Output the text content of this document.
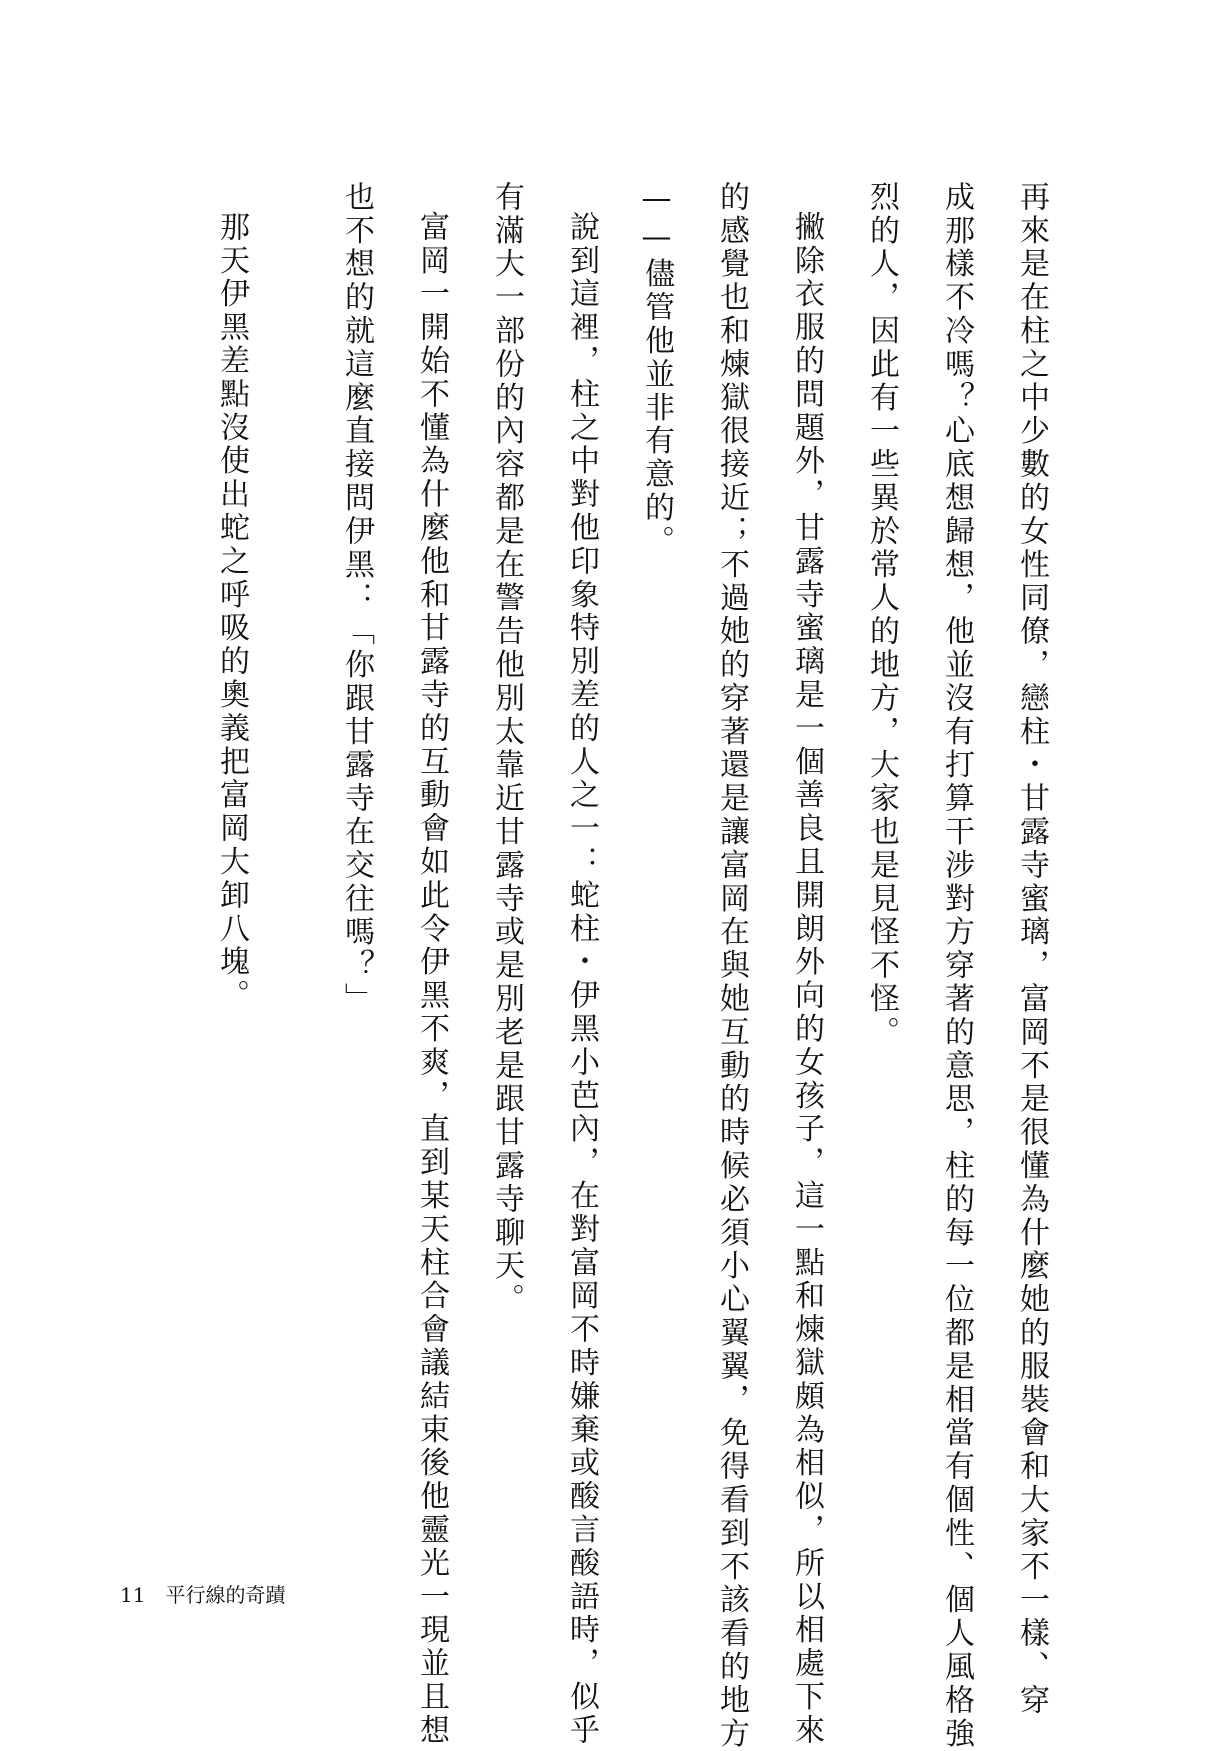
再來是在柱之中少數的女性同僚，戀柱・甘露寺蜜璃，富岡不是很懂為什麼她的服裝會和大家不一樣、穿

成那樣不冷嗎？心底想歸想，他並沒有打算干涉對方穿著的意思，柱的每一位都是相當有個性、個人風格強

烈的人，因此有一些異於常人的地方，大家也是見怪不怪。

撇除衣服的問題外，甘露寺蜜璃是一個善良且開朗外向的女孩子，這一點和煉獄頗為相似，所以相處下來

的感覺也和煉獄很接近；不過她的穿著還是讓富岡在與她互動的時候必須小心翼翼，免得看到不該看的地方

——儘管他並非有意的。

說到這裡，柱之中對他印象特別差的人之一：蛇柱・伊黑小芭內，在對富岡不時嫌棄或酸言酸語時，似乎

有滿大一部份的內容都是在警告他別太靠近甘露寺或是別老是跟甘露寺聊天。

富岡一開始不懂為什麼他和甘露寺的互動會如此令伊黑不爽，直到某天柱合會議結束後他靈光一現並且想

也不想的就這麼直接問伊黑：「你跟甘露寺在交往嗎？」

那天伊黑差點沒使出蛇之呼吸的奧義把富岡大卸八塊。

11 平行線的奇蹟
